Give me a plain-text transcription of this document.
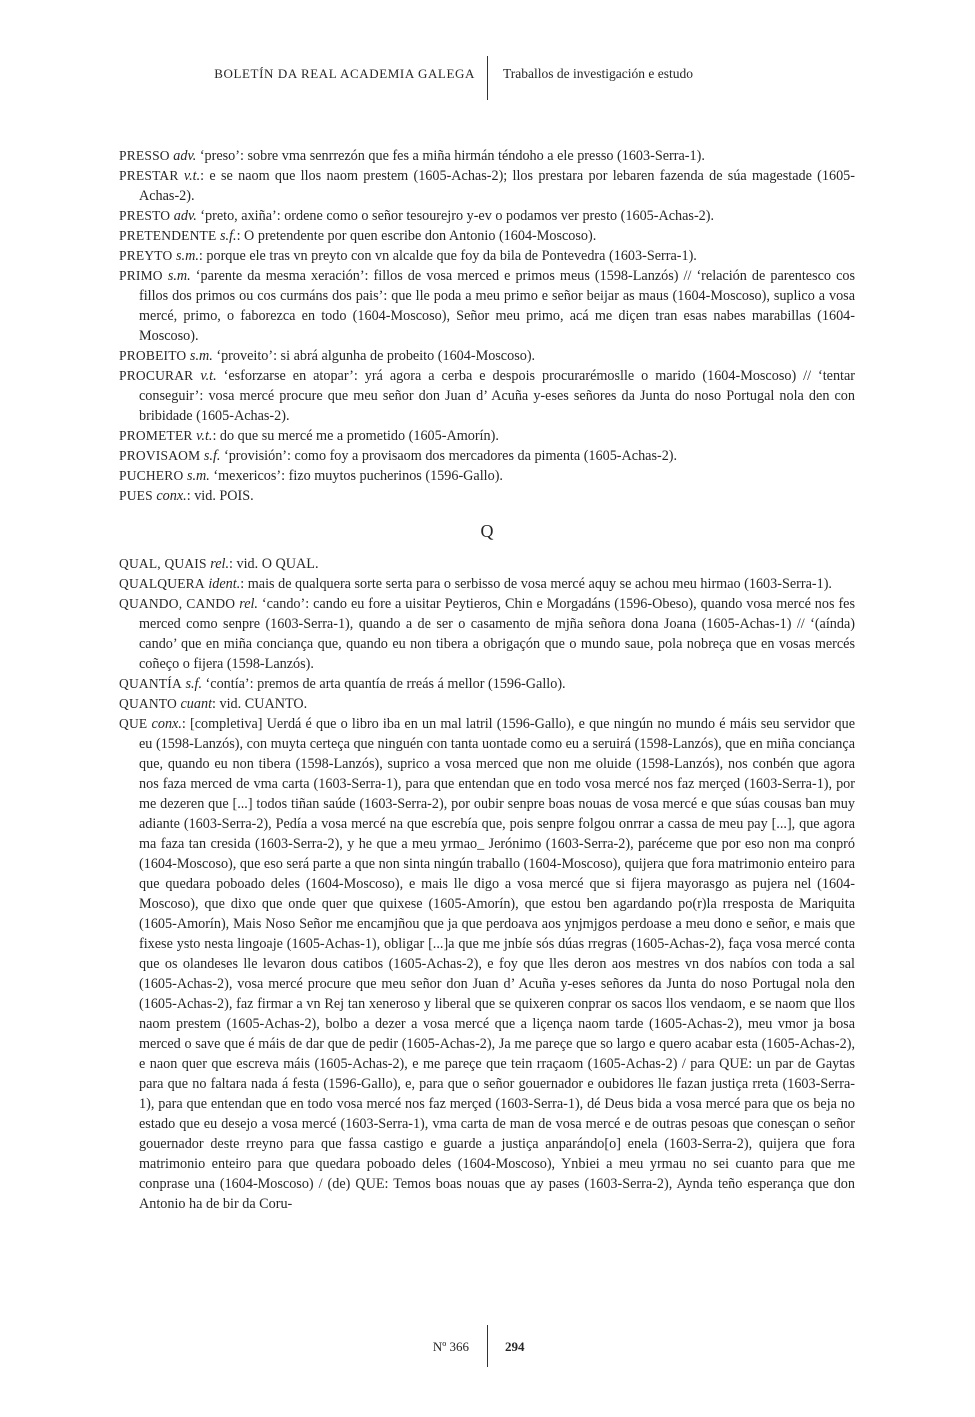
BOLETÍN DA REAL ACADEMIA GALEGA Traballos de investigación e estudo

PRESSO adv. ‘preso’: sobre vma senrrezón que fes a miña hirmán téndoho a ele presso (1603-Serra-1).

PRESTAR v.t.: e se naom que llos naom prestem (1605-Achas-2); llos prestara por lebaren fazenda de súa magestade (1605-Achas-2).

PRESTO adv. ‘preto, axiña’: ordene como o señor tesourejro y-ev o podamos ver presto (1605-Achas-2).

PRETENDENTE s.f.: O pretendente por quen escribe don Antonio (1604-Moscoso).

PREYTO s.m.: porque ele tras vn preyto con vn alcalde que foy da bila de Pontevedra (1603-Serra-1).

PRIMO s.m. ‘parente da mesma xeración’: fillos de vosa merced e primos meus (1598-Lanzós) // ‘relación de parentesco cos fillos dos primos ou cos curmáns dos pais’: que lle poda a meu primo e señor beijar as maus (1604-Moscoso), suplico a vosa mercé, primo, o faborezca en todo (1604-Moscoso), Señor meu primo, acá me diçen tran esas nabes marabillas (1604-Moscoso).

PROBEITO s.m. ‘proveito’: si abrá algunha de probeito (1604-Moscoso).

PROCURAR v.t. ‘esforzarse en atopar’: yrá agora a cerba e despois procurarémoslle o marido (1604-Moscoso) // ‘tentar conseguir’: vosa mercé procure que meu señor don Juan d’ Acuña y-eses señores da Junta do noso Portugal nola den con bribidade (1605-Achas-2).

PROMETER v.t.: do que su mercé me a prometido (1605-Amorín).

PROVISAOM s.f. ‘provisión’: como foy a provisaom dos mercadores da pimenta (1605-Achas-2).

PUCHERO s.m. ‘mexericos’: fizo muytos pucherinos (1596-Gallo).

PUES conx.: vid. POIS.

Q

QUAL, QUAIS rel.: vid. O QUAL.

QUALQUERA ident.: mais de qualquera sorte serta para o serbisso de vosa mercé aquy se achou meu hirmao (1603-Serra-1).

QUANDO, CANDO rel. ‘cando’: cando eu fore a uisitar Peytieros, Chin e Morgadáns (1596-Obeso), quando vosa mercé nos fes merced como senpre (1603-Serra-1), quando a de ser o casamento de mjña señora dona Joana (1605-Achas-1) // ‘(aínda) cando’ que en miña conciança que, quando eu non tibera a obrigaçón que o mundo saue, pola nobreça que en vosas mercés coñeço o fijera (1598-Lanzós).

QUANTÍA s.f. ‘contía’: premos de arta quantía de rreás á mellor (1596-Gallo).

QUANTO cuant: vid. CUANTO.

QUE conx.: [completiva] Uerdá é que o libro iba en un mal latril (1596-Gallo), e que ningún no mundo é máis seu servidor que eu (1598-Lanzós), con muyta certeça que ninguén con tanta uontade como eu a seruirá (1598-Lanzós), que en miña conciança que, quando eu non tibera (1598-Lanzós), suprico a vosa merced que non me oluide (1598-Lanzós), nos conbén que agora nos faza merced de vma carta (1603-Serra-1), para que entendan que en todo vosa mercé nos faz merçed (1603-Serra-1), por me dezeren que [...] todos tiñan saúde (1603-Serra-2), por oubir senpre boas nouas de vosa mercé e que súas cousas ban muy adiante (1603-Serra-2), Pedía a vosa mercé na que escrebía que, pois senpre folgou onrrar a cassa de meu pay [...], que agora ma faza tan cresida (1603-Serra-2), y he que a meu yrmao_ Jerónimo (1603-Serra-2), paréceme que por eso non ma conpró (1604-Moscoso), que eso será parte a que non sinta ningún traballo (1604-Moscoso), quijera que fora matrimonio enteiro para que quedara poboado deles (1604-Moscoso), e mais lle digo a vosa mercé que si fijera mayorasgo as pujera nel (1604-Moscoso), que dixo que onde quer que quixese (1605-Amorín), que estou ben agardando po(r)la rresposta de Mariquita (1605-Amorín), Mais Noso Señor me encamjñou que ja que perdoava aos ynjmjgos perdoase a meu dono e señor, e mais que fixese ysto nesta lingoaje (1605-Achas-1), obligar [...]a que me jnbíe sós dúas rregras (1605-Achas-2), faça vosa mercé conta que os olandeses lle levaron dous catibos (1605-Achas-2), e foy que lles deron aos mestres vn dos nabíos con toda a sal (1605-Achas-2), vosa mercé procure que meu señor don Juan d’ Acuña y-eses señores da Junta do noso Portugal nola den (1605-Achas-2), faz firmar a vn Rej tan xeneroso y liberal que se quixeren conprar os sacos llos vendaom, e se naom que llos naom prestem (1605-Achas-2), bolbo a dezer a vosa mercé que a liçença naom tarde (1605-Achas-2), meu vmor ja bosa merced o save que é máis de dar que de pedir (1605-Achas-2), Ja me pareçe que so largo e quero acabar esta (1605-Achas-2), e naon quer que escreva máis (1605-Achas-2), e me pareçe que tein rraçaom (1605-Achas-2) / para QUE: un par de Gaytas para que no faltara nada á festa (1596-Gallo), e, para que o señor gouernador e oubidores lle fazan justiça rreta (1603-Serra-1), para que entendan que en todo vosa mercé nos faz merçed (1603-Serra-1), dé Deus bida a vosa mercé para que os beja no estado que eu desejo a vosa mercé (1603-Serra-1), vma carta de man de vosa mercé e de outras pesoas que conesçan o señor gouernador deste rreyno para que fassa castigo e guarde a justiça anparándo[o] enela (1603-Serra-2), quijera que fora matrimonio enteiro para que quedara poboado deles (1604-Moscoso), Ynbiei a meu yrmau no sei cuanto para que me conprase una (1604-Moscoso) / (de) QUE: Temos boas nouas que ay pases (1603-Serra-2), Aynda teño esperança que don Antonio ha de bir da Coru-

Nº 366	294
